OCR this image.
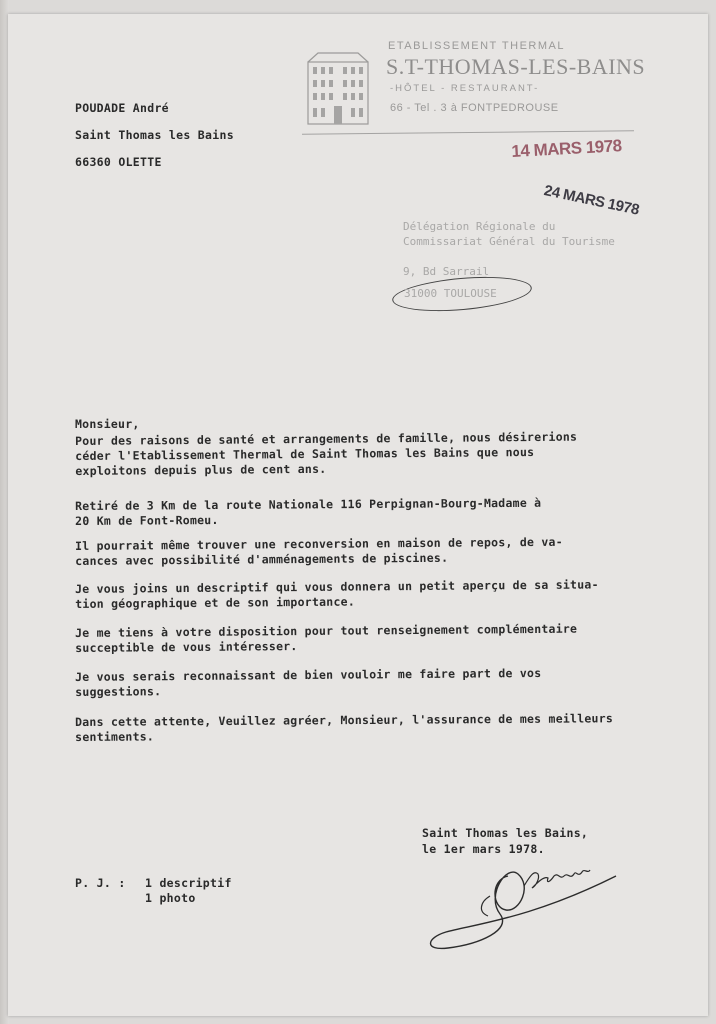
POUDADE André
Saint Thomas les Bains
66360 OLETTE
ETABLISSEMENT THERMAL
S.T-THOMAS-LES-BAINS
-HÔTEL - RESTAURANT-
66 - Tel . 3 à FONTPEDROUSE
14 MARS 1978
24 MARS 1978
Délégation Régionale du
Commissariat Général du Tourisme
9, Bd Sarrail
31000 TOULOUSE
Monsieur,
Pour des raisons de santé et arrangements de famille, nous désirerions
céder l'Etablissement Thermal de Saint Thomas les Bains que nous
exploitons depuis plus de cent ans.
Retiré de 3 Km de la route Nationale 116 Perpignan-Bourg-Madame à
20 Km de Font-Romeu.
Il pourrait même trouver une reconversion en maison de repos, de va-
cances avec possibilité d'amménagements de piscines.
Je vous joins un descriptif qui vous donnera un petit aperçu de sa situa-
tion géographique et de son importance.
Je me tiens à votre disposition pour tout renseignement complémentaire
succeptible de vous intéresser.
Je vous serais reconnaissant de bien vouloir me faire part de vos
suggestions.
Dans cette attente, Veuillez agréer, Monsieur, l'assurance de mes meilleurs
sentiments.
Saint Thomas les Bains,
le 1er mars 1978.
P. J. : 1 descriptif
1 photo
